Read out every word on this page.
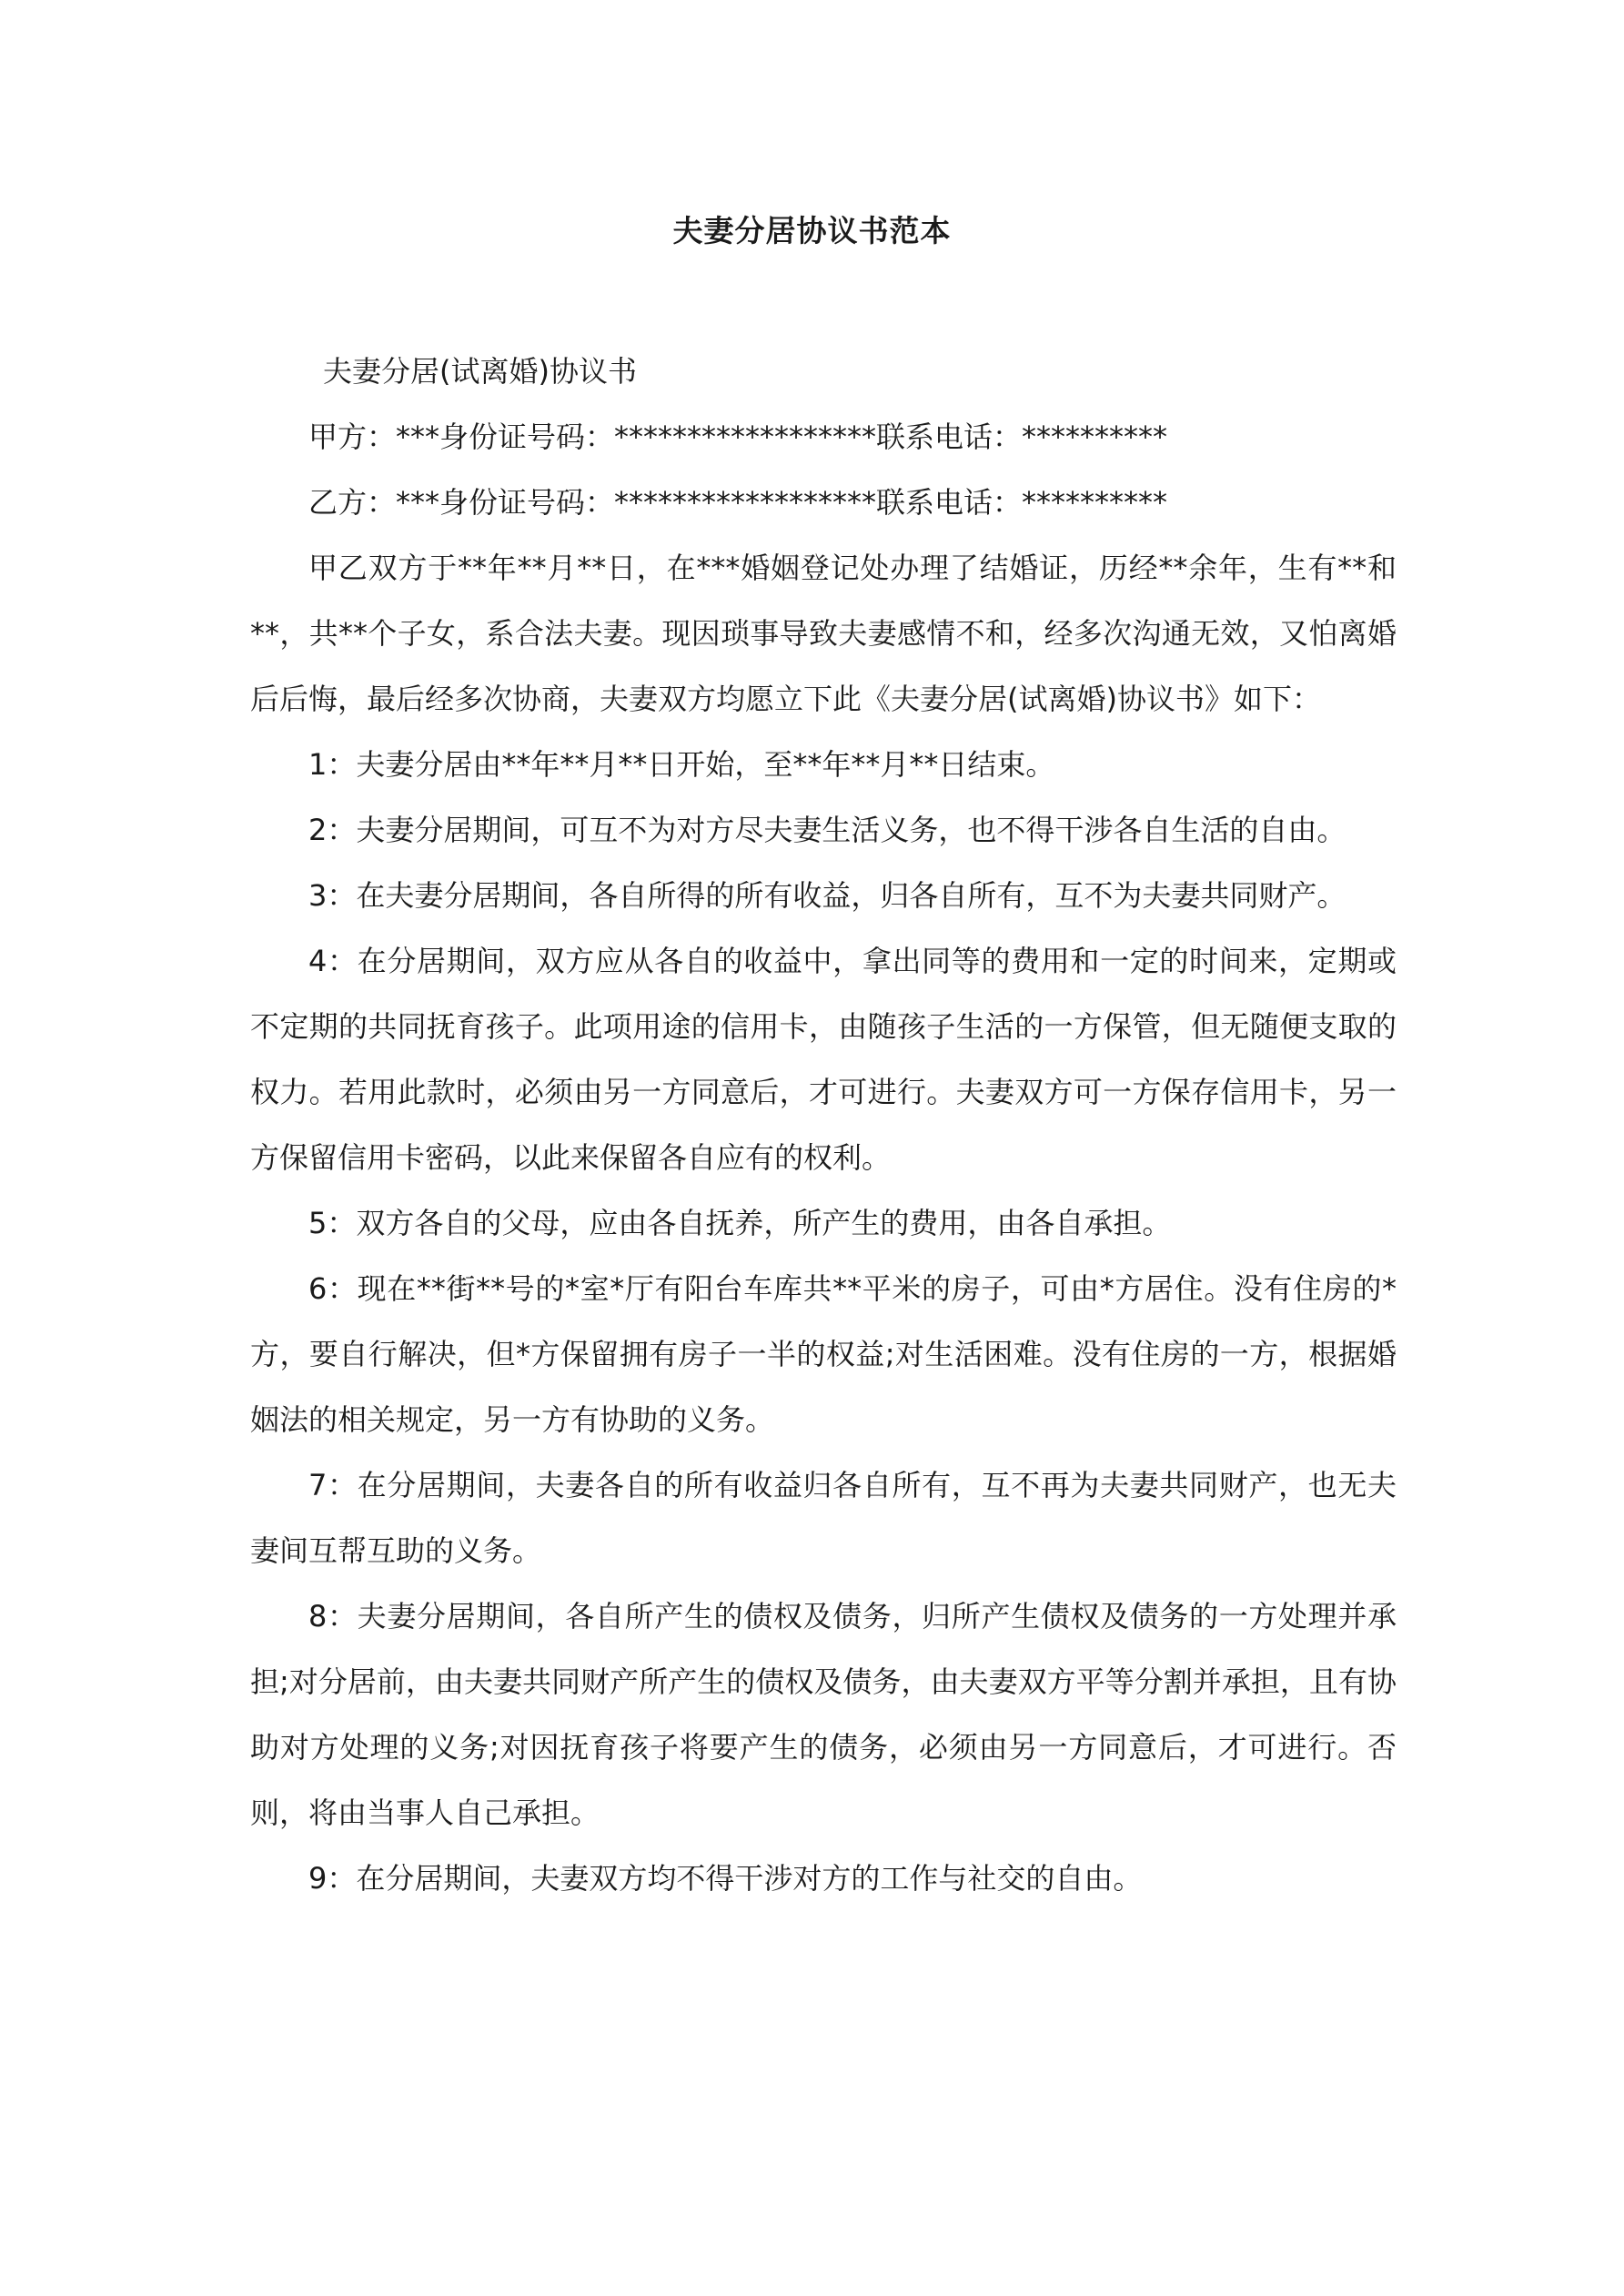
夫妻分居协议书范本

夫妻分居(试离婚)协议书

甲方：***身份证号码：******************联系电话：**********

乙方：***身份证号码：******************联系电话：**********

甲乙双方于**年**月**日，在***婚姻登记处办理了结婚证，历经**余年，生有**和**，共**个子女，系合法夫妻。现因琐事导致夫妻感情不和，经多次沟通无效，又怕离婚后后悔，最后经多次协商，夫妻双方均愿立下此《夫妻分居(试离婚)协议书》如下：

1：夫妻分居由**年**月**日开始，至**年**月**日结束。

2：夫妻分居期间，可互不为对方尽夫妻生活义务，也不得干涉各自生活的自由。

3：在夫妻分居期间，各自所得的所有收益，归各自所有，互不为夫妻共同财产。

4：在分居期间，双方应从各自的收益中，拿出同等的费用和一定的时间来，定期或不定期的共同抚育孩子。此项用途的信用卡，由随孩子生活的一方保管，但无随便支取的权力。若用此款时，必须由另一方同意后，才可进行。夫妻双方可一方保存信用卡，另一方保留信用卡密码，以此来保留各自应有的权利。

5：双方各自的父母，应由各自抚养，所产生的费用，由各自承担。

6：现在**街**号的*室*厅有阳台车库共**平米的房子，可由*方居住。没有住房的*方，要自行解决，但*方保留拥有房子一半的权益;对生活困难。没有住房的一方，根据婚姻法的相关规定，另一方有协助的义务。

7：在分居期间，夫妻各自的所有收益归各自所有，互不再为夫妻共同财产，也无夫妻间互帮互助的义务。

8：夫妻分居期间，各自所产生的债权及债务，归所产生债权及债务的一方处理并承担;对分居前，由夫妻共同财产所产生的债权及债务，由夫妻双方平等分割并承担，且有协助对方处理的义务;对因抚育孩子将要产生的债务，必须由另一方同意后，才可进行。否则，将由当事人自己承担。

9：在分居期间，夫妻双方均不得干涉对方的工作与社交的自由。
